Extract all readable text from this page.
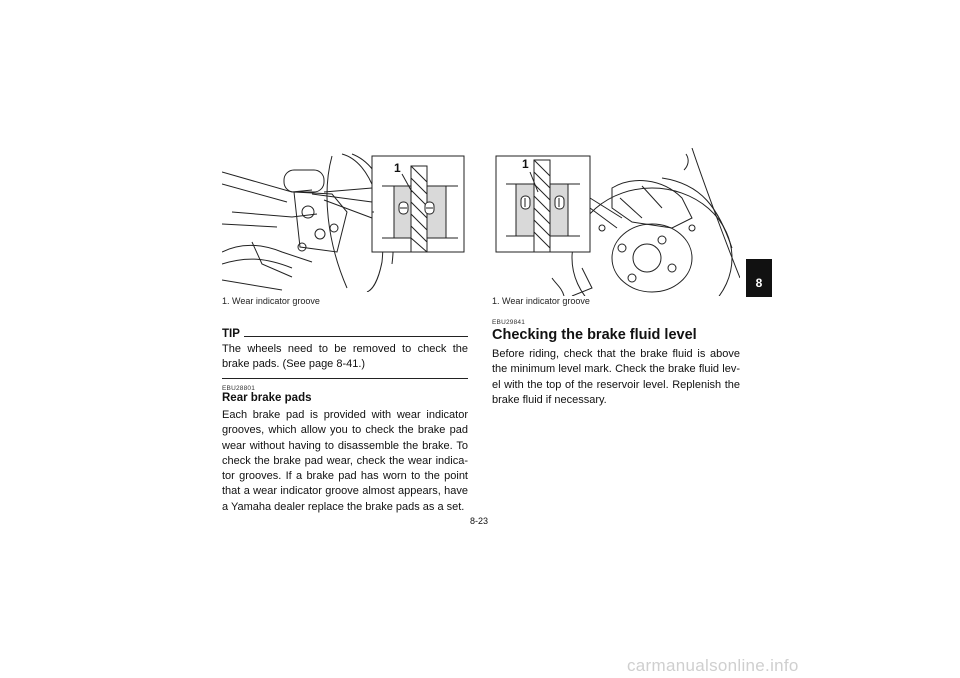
1
1. Wear indicator groove
1
1. Wear indicator groove
TIP
The wheels need to be removed to check the brake pads. (See page 8-41.)
EBU28801
Rear brake pads

Each brake pad is provided with wear indicator grooves, which allow you to check the brake pad wear without having to disassemble the brake. To check the brake pad wear, check the wear indica-tor grooves. If a brake pad has worn to the point that a wear indicator groove almost appears, have a Yamaha dealer replace the brake pads as a set.

EBU29841
Checking the brake fluid level

Before riding, check that the brake fluid is above the minimum level mark. Check the brake fluid lev-el with the top of the reservoir level. Replenish the brake fluid if necessary.

8-23
8
carmanualsonline.info
